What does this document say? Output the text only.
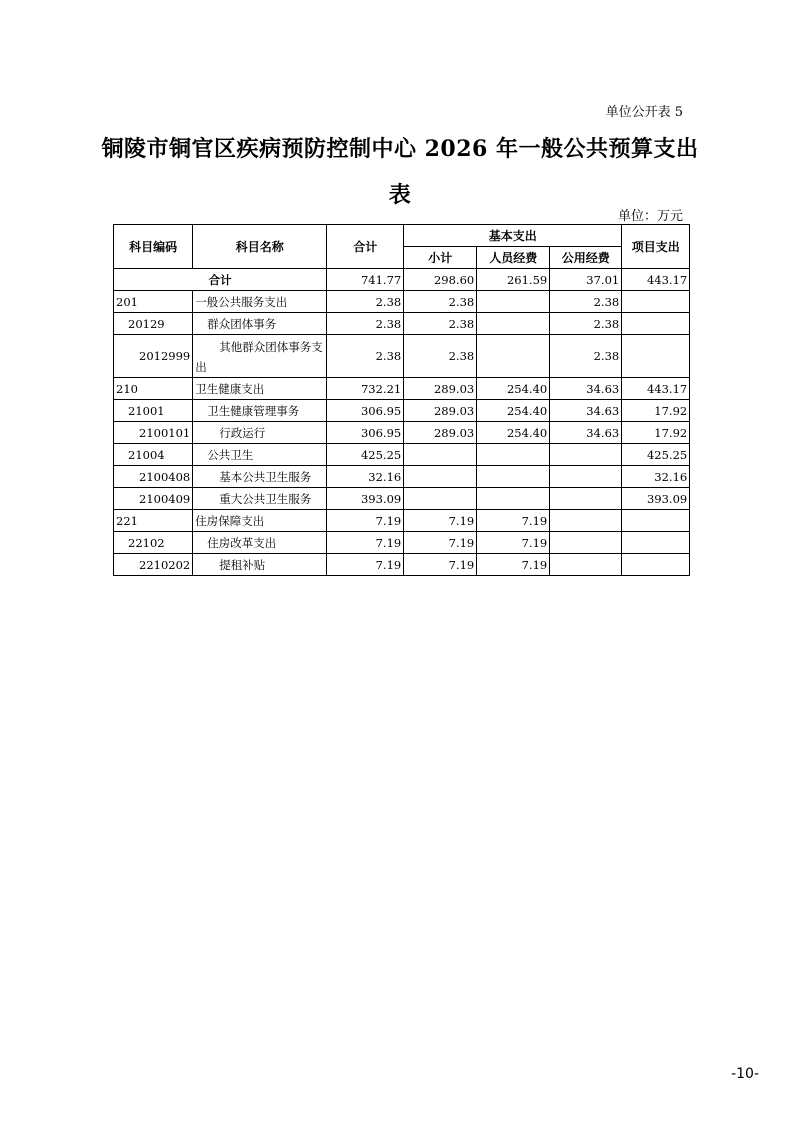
单位公开表 5
铜陵市铜官区疾病预防控制中心 2026 年一般公共预算支出表
单位：万元
科目编码	科目名称	合计	基本支出			项目支出
			小计	人员经费	公用经费	
合计		741.77	298.60	261.59	37.01	443.17
201	一般公共服务支出	2.38	2.38		2.38	
20129	群众团体事务	2.38	2.38		2.38	
2012999	其他群众团体事务支出	2.38	2.38		2.38	
210	卫生健康支出	732.21	289.03	254.40	34.63	443.17
21001	卫生健康管理事务	306.95	289.03	254.40	34.63	17.92
2100101	行政运行	306.95	289.03	254.40	34.63	17.92
21004	公共卫生	425.25				425.25
2100408	基本公共卫生服务	32.16				32.16
2100409	重大公共卫生服务	393.09				393.09
221	住房保障支出	7.19	7.19	7.19		
22102	住房改革支出	7.19	7.19	7.19		
2210202	提租补贴	7.19	7.19	7.19		
-10-
